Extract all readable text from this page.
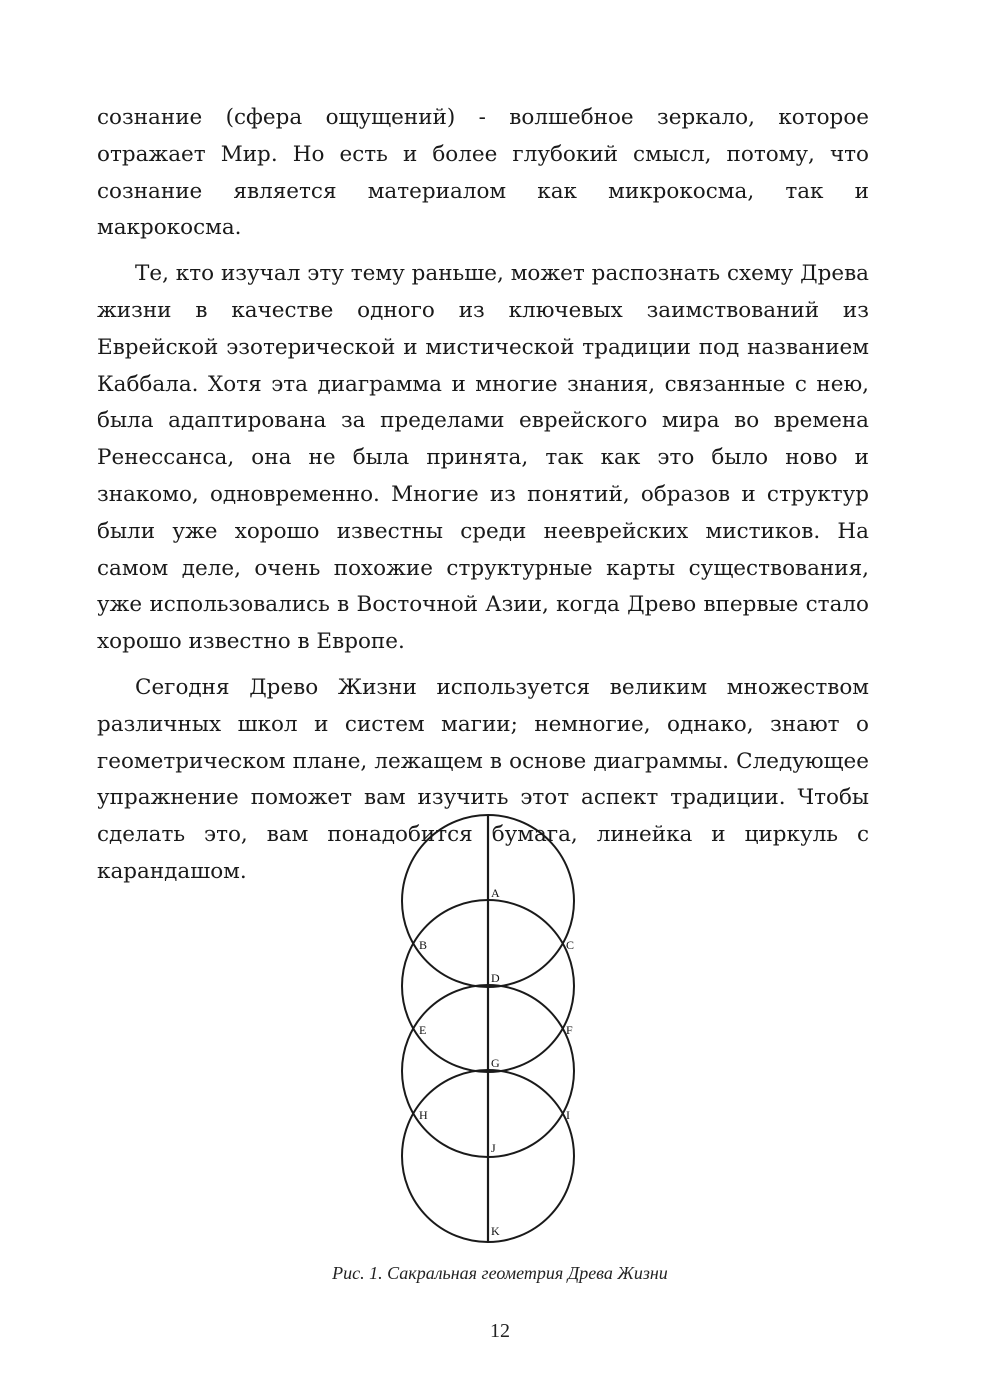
сознание (сфера ощущений) - волшебное зеркало, которое отражает Мир. Но есть и более глубокий смысл, потому, что сознание является материалом как микрокосма, так и макрокосма.

Те, кто изучал эту тему раньше, может распознать схему Древа жизни в качестве одного из ключевых заимствований из Еврейской эзотерической и мистической традиции под названием Каббала. Хотя эта диаграмма и многие знания, связанные с нею, была адаптирована за пределами еврейского мира во времена Ренессанса, она не была принята, так как это было ново и знакомо, одновременно. Многие из понятий, образов и структур были уже хорошо известны среди нееврейских мистиков. На самом деле, очень похожие структурные карты существования, уже использовались в Восточной Азии, когда Древо впервые стало хорошо известно в Европе.

Сегодня Древо Жизни используется великим множеством различных школ и систем магии; немногие, однако, знают о геометрическом плане, лежащем в основе диаграммы. Следующее упражнение поможет вам изучить этот аспект традиции. Чтобы сделать это, вам понадобится бумага, линейка и циркуль с карандашом.

A
B	C
D
E	F
G
H	I
J
K
Рис. 1. Сакральная геометрия Древа Жизни
12
